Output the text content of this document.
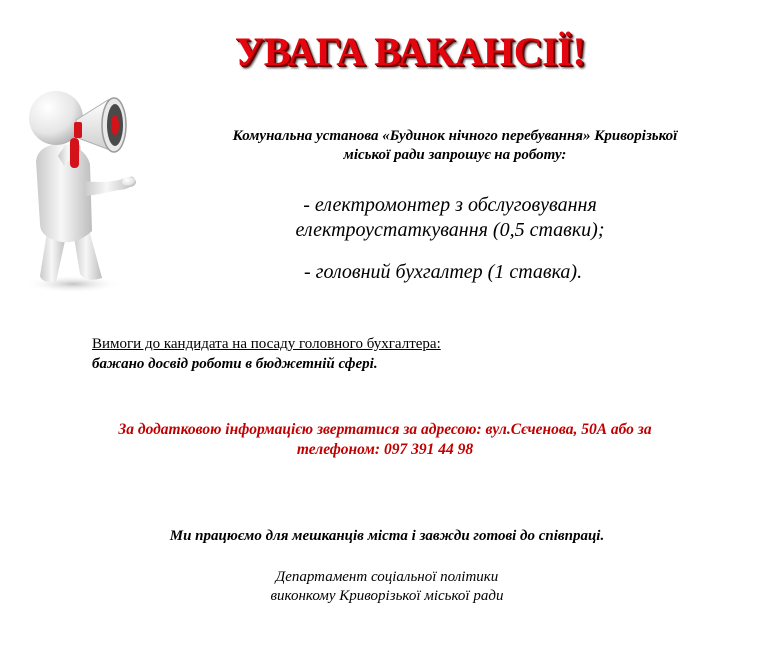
УВАГА ВАКАНСІЇ!
Комунальна установа «Будинок нічного перебування» Криворізької
міської ради запрошує на роботу:
- електромонтер з обслуговування
електроустаткування (0,5 ставки);
- головний бухгалтер (1 ставка).
Вимоги до кандидата на посаду головного бухгалтера:
бажано досвід роботи в бюджетній сфері.
За додатковою інформацією звертатися за адресою: вул.Сєченова, 50А або за
телефоном: 097 391 44 98
Ми працюємо для мешканців міста і завжди готові до співпраці.
Департамент соціальної політики
виконкому Криворізької міської ради
